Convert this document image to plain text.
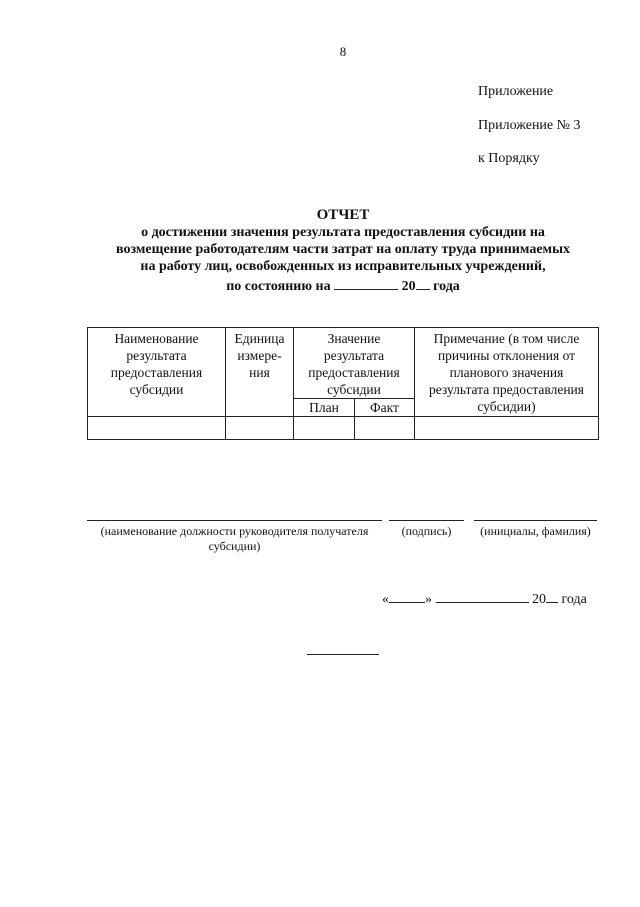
8
Приложение
Приложение № 3
к Порядку
ОТЧЕТ
о достижении значения результата предоставления субсидии на
возмещение работодателям части затрат на оплату труда принимаемых
на работу лиц, освобожденных из исправительных учреждений,
по состоянию на	20 года
Наименование результата предоставления субсидии	Единица измере-ния	Значение результата предоставления субсидии		Примечание (в том числе причины отклонения от планового значения результата предоставления субсидии)
		План	Факт	

(наименование должности руководителя получателя субсидии)
(подпись)	(инициалы, фамилия)
«	»	20 года
